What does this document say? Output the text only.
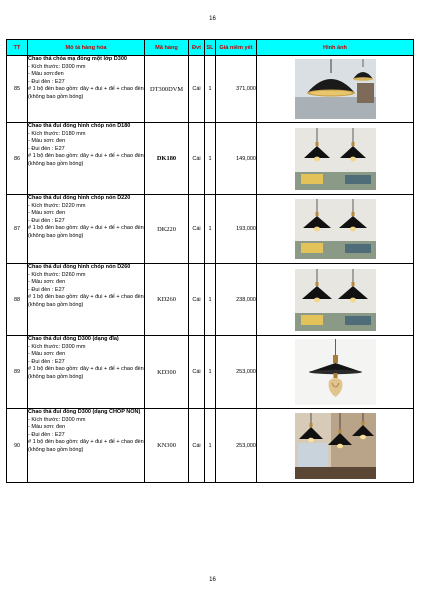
16
TT	Mô tả hàng hóa	Mã hàng	Đvt	SL	Giá niêm yết	Hình ảnh
85	Chao thả chóa mạ đồng một lớp D300
- Kích thước: D300 mm
- Màu sơn:đen
- Đui đèn : E27
# 1 bộ đèn bao gồm: dây + đui + đế + chao đèn (không bao gồm bóng)	DT300DVM	Cái	1	371,000	

86	Chao thả đui đồng hình chóp nón D180
- Kích thước: D180 mm
- Màu sơn: đen
- Đui đèn : E27
# 1 bộ đèn bao gồm: dây + đui + đế + chao đèn (không bao gồm bóng)	DK180	Cái	1	149,000	

87	Chao thả đui đồng hình chóp nón D220
- Kích thước: D220 mm
- Màu sơn: đen
- Đui đèn : E27
# 1 bộ đèn bao gồm: dây + đui + đế + chao đèn (không bao gồm bóng)	DK220	Cái	1	193,000	

88	Chao thả đui đồng hình chóp nón D260
- Kích thước: D260 mm
- Màu sơn: đen
- Đui đèn : E27
# 1 bộ đèn bao gồm: dây + đui + đế + chao đèn (không bao gồm bóng)	KD260	Cái	1	238,000	

89	Chao thả đui đồng D300 (dạng đĩa)
- Kích thước: D300 mm
- Màu sơn: đen
- Đui đèn : E27
# 1 bộ đèn bao gồm: dây + đui + đế + chao đèn (không bao gồm bóng)	KD300	Cái	1	253,000	

90	Chao thả đui đồng D300 (dạng CHÓP NÓN)
- Kích thước: D300 mm
- Màu sơn: đen
- Đui đèn : E27
# 1 bộ đèn bao gồm: dây + đui + đế + chao đèn (không bao gồm bóng)	KN300	Cái	1	253,000	
16
